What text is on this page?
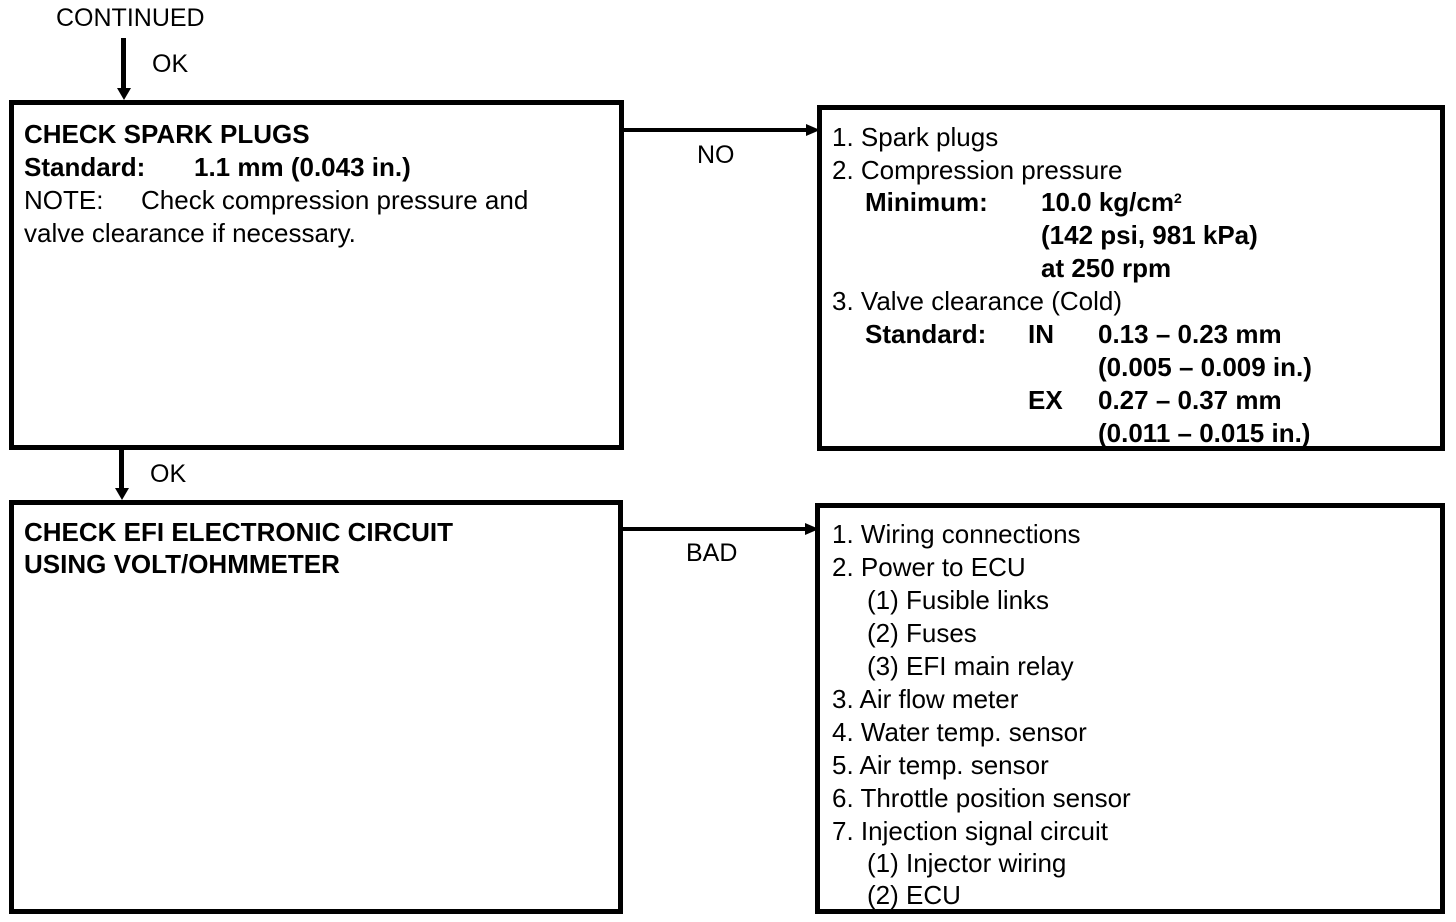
CONTINUED
OK
CHECK SPARK PLUGS
Standard: 1.1 mm (0.043 in.)
NOTE: Check compression pressure and
valve clearance if necessary.
NO
1. Spark plugs
2. Compression pressure
Minimum: 10.0 $kg/cm^2$
(142 psi, 981 kPa)
at 250 rpm
3. Valve clearance (Cold)
Standard: IN 0.13 – 0.23 mm
(0.005 – 0.009 in.)
EX 0.27 – 0.37 mm
(0.011 – 0.015 in.)
OK
CHECK EFI ELECTRONIC CIRCUIT
USING VOLT/OHMMETER	BAD
1. Wiring connections
2. Power to ECU
(1) Fusible links
(2) Fuses
(3) EFI main relay
3. Air flow meter
4. Water temp. sensor
5. Air temp. sensor
6. Throttle position sensor
7. Injection signal circuit
(1) Injector wiring
(2) ECU
